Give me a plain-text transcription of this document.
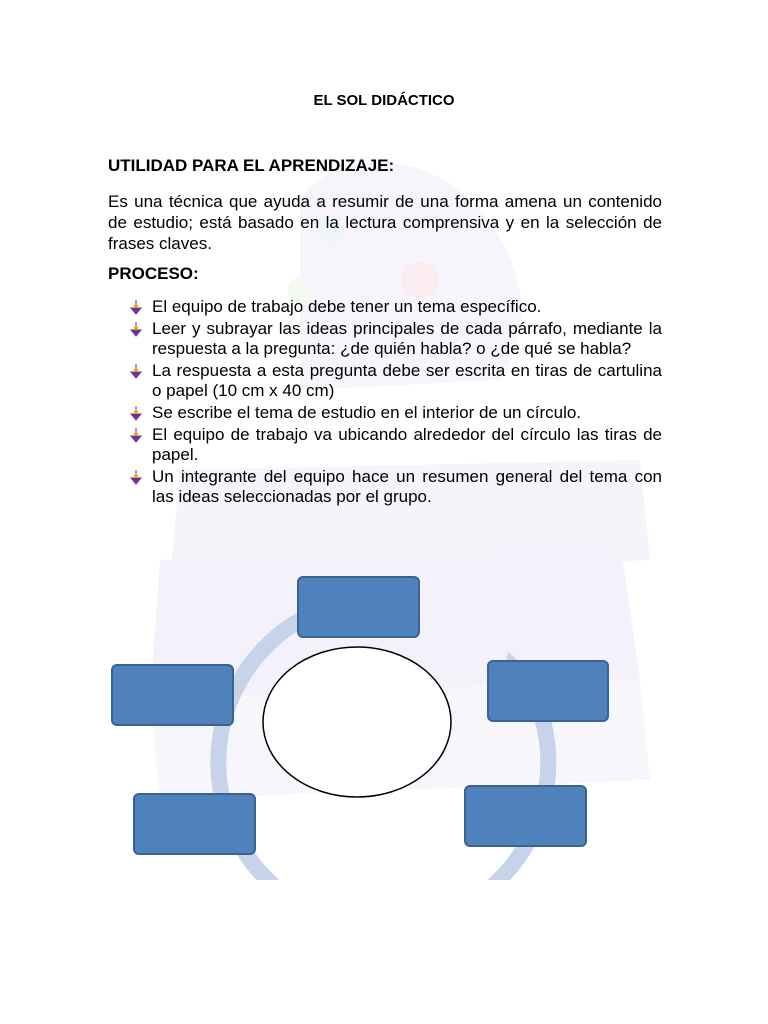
EL SOL DIDÁCTICO
UTILIDAD PARA EL APRENDIZAJE:
Es una técnica que ayuda a resumir de una forma amena un contenido de estudio; está basado en la lectura comprensiva y en la selección de frases claves.
PROCESO:
El equipo de trabajo debe tener un tema específico.
Leer y subrayar las ideas principales de cada párrafo, mediante la respuesta a la pregunta: ¿de quién habla? o ¿de qué se habla?
La respuesta a esta pregunta debe ser escrita en tiras de cartulina o papel (10 cm x 40 cm)
Se escribe el tema de estudio en el interior de un círculo.
El equipo de trabajo va ubicando alrededor del círculo las tiras de papel.
Un integrante del equipo hace un resumen general del tema con las ideas seleccionadas por el grupo.
